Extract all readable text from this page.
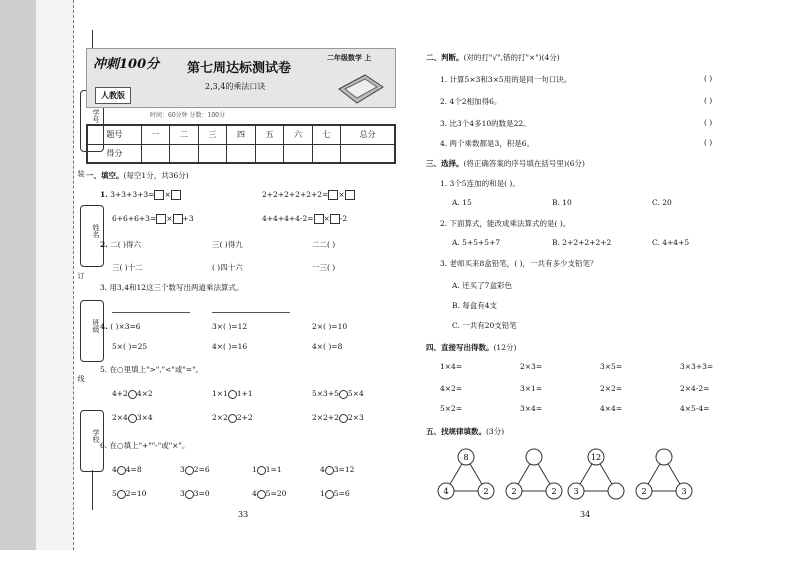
学号
姓名
班级
学校
装
订
线
冲刺100分
人教版
第七周达标测试卷
2,3,4的乘法口诀
二年级数学 上
时间：60分钟 分数：100分
题号	一	二	三	四	五	六	七	总分
得分								
一、填空。(每空1分，共36分)
1. 3+3+3+3= ×	2+2+2+2+2+2= ×
6+6+6+3= × +3	4+4+4+4-2= × -2
2. 二( )得六	三( )得九	二二( )
三( )十二	( )四十六	一三( )
3. 用3,4和12这三个数写出两道乘法算式。
4. ( )×3=6	3×( )=12	2×( )=10
5×( )=25	4×( )=16	4×( )=8
5. 在○里填上">","<"或"="。
4+2 4×2	1×1 1+1	5×3+5 5×4
2×4 3×4	2×2 2+2	2×2+2 2×3
6. 在○填上"+""-"或"×"。
4 4=8	3 2=6	1 1=1	4 3=12
5 2=10	3 3=0	4 5=20	1 5=6
33
二、判断。(对的打"√",错的打"×")(4分)
1. 计算5×3和3×5用的是同一句口诀。	( )
2. 4个2相加得6。	( )
3. 比3个4多10的数是22。	( )
4. 两个乘数都是3，积是6。	( )
三、选择。(将正确答案的序号填在括号里)(6分)
1. 3个5连加的和是( )。
A. 15	B. 10	C. 20
2. 下面算式，能改成乘法算式的是( )。
A. 5+5+5+7	B. 2+2+2+2+2	C. 4+4+5
3. 老师买来8盒铅笔，( )，一共有多少支铅笔？
A. 还买了7盒彩色
B. 每盒有4支
C. 一共有20支铅笔
四、直接写出得数。(12分)
1×4=	2×3=	3×5=	3×3+3=
4×2=	3×1=	2×2=	2×4-2=
5×2=	3×4=	4×4=	4×5-4=
五、找规律填数。(3分)
8
4	2	2	2
12
3	2	3
34
